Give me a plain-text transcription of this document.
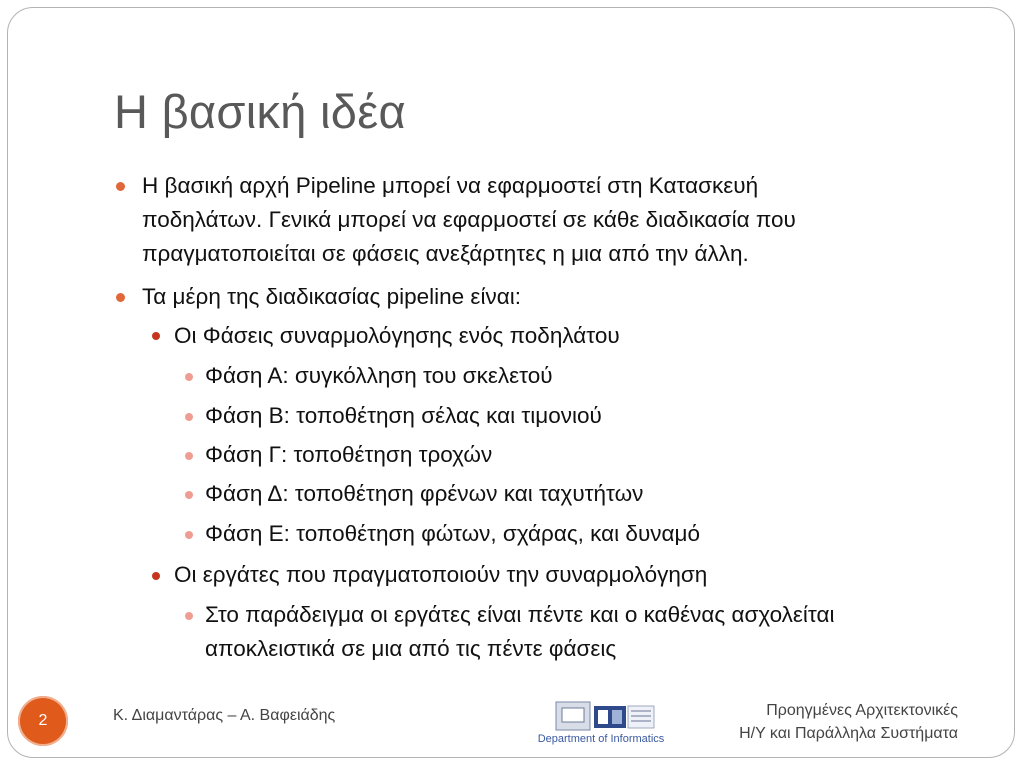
Η βασική ιδέα
Η βασική αρχή Pipeline μπορεί να εφαρμοστεί στη Κατασκευή
ποδηλάτων. Γενικά μπορεί να εφαρμοστεί σε κάθε διαδικασία που
πραγματοποιείται σε φάσεις ανεξάρτητες η μια από την άλλη.
Τα μέρη της διαδικασίας pipeline είναι:
Οι Φάσεις συναρμολόγησης ενός ποδηλάτου
Φάση Α: συγκόλληση του σκελετού
Φάση Β: τοποθέτηση σέλας και τιμονιού
Φάση Γ: τοποθέτηση τροχών
Φάση Δ: τοποθέτηση φρένων και ταχυτήτων
Φάση Ε: τοποθέτηση φώτων, σχάρας, και δυναμό
Οι εργάτες που πραγματοποιούν την συναρμολόγηση
Στο παράδειγμα οι εργάτες είναι πέντε και ο καθένας ασχολείται
αποκλειστικά σε μια από τις πέντε φάσεις
2	Κ. Διαμαντάρας – Α. Βαφειάδης
Department of Informatics
Προηγμένες Αρχιτεκτονικές
Η/Υ και Παράλληλα Συστήματα
